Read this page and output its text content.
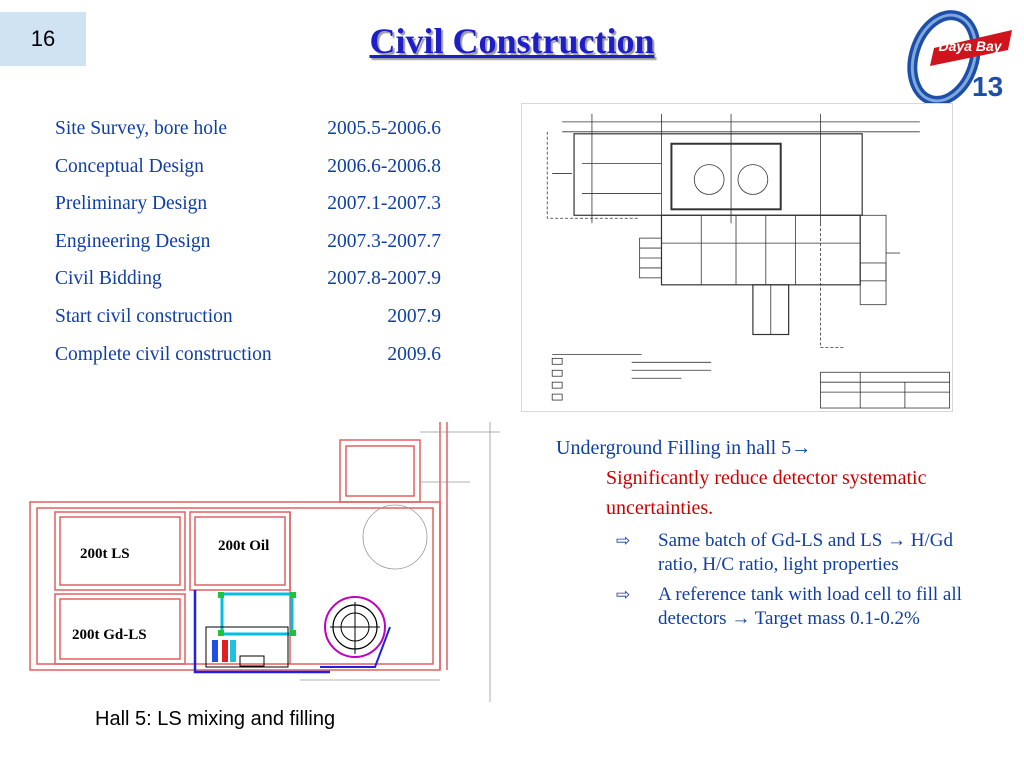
16	Civil Construction	Daya Bay
13
Site Survey, bore hole	2005.5-2006.6
Conceptual Design	2006.6-2006.8
Preliminary Design	2007.1-2007.3
Engineering Design	2007.3-2007.7
Civil Bidding	2007.8-2007.9
Start civil construction	2007.9
Complete civil construction	2009.6
200t LS	200t Oil
200t Gd-LS
Hall 5: LS mixing and filling
Underground Filling in hall 5→
Significantly reduce detector systematic uncertainties.
⇨ Same batch of Gd-LS and LS → H/Gd ratio, H/C ratio, light properties
⇨ A reference tank with load cell to fill all detectors → Target mass 0.1-0.2%
